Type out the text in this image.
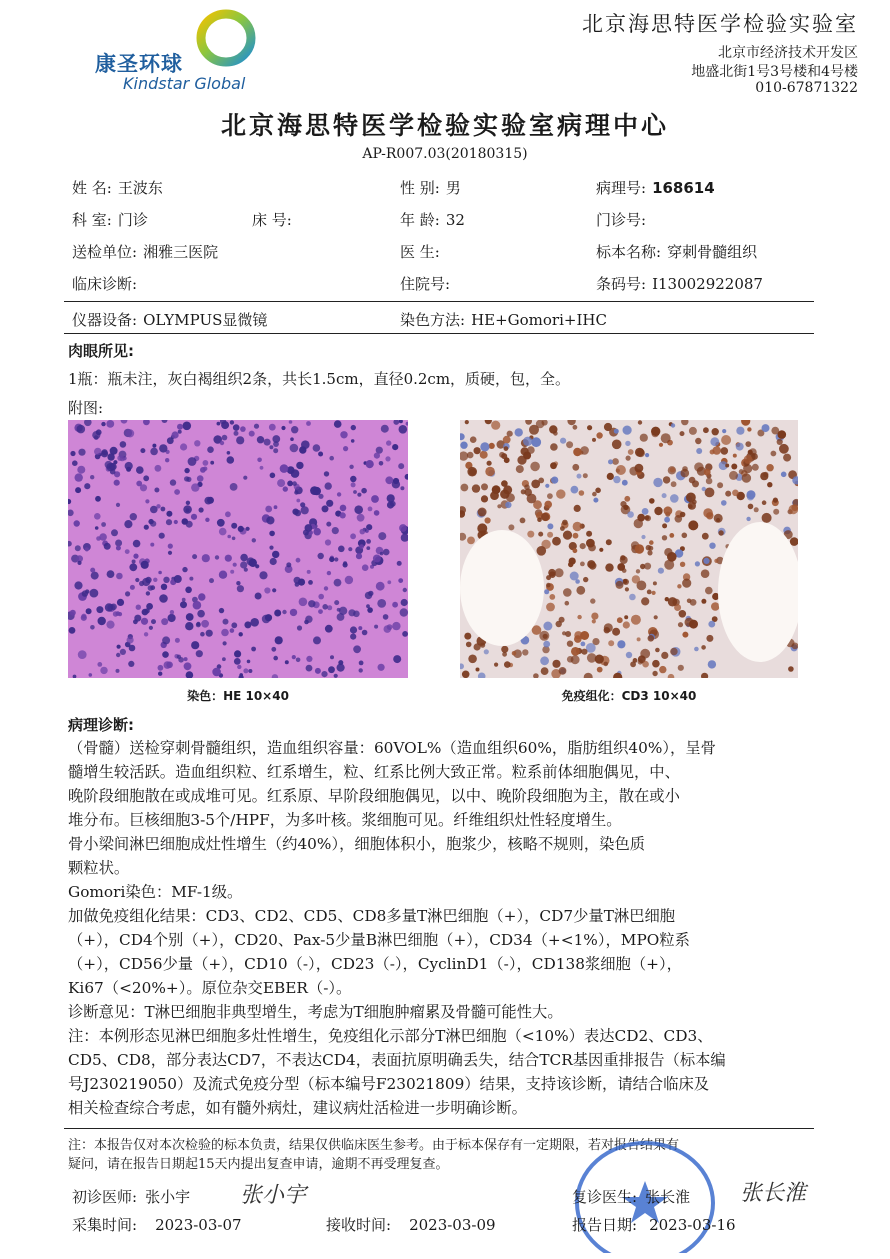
康圣环球
Kindstar Global
北京海思特医学检验实验室
北京市经济技术开发区
地盛北街1号3号楼和4号楼
010-67871322
北京海思特医学检验实验室病理中心
AP-R007.03(20180315)
姓 名: 王波东	性 别: 男	病理号: 168614
科 室: 门诊	床 号:	年 龄: 32	门诊号:
送检单位: 湘雅三医院	医 生:	标本名称: 穿刺骨髓组织
临床诊断:	住院号:	条码号: I13002922087
仪器设备: OLYMPUS显微镜	染色方法: HE+Gomori+IHC
肉眼所见:
1瓶：瓶未注，灰白褐组织2条，共长1.5cm，直径0.2cm，质硬，包，全。
附图:
染色：HE 10×40	免疫组化：CD3 10×40
病理诊断:
（骨髓）送检穿刺骨髓组织，造血组织容量：60VOL%（造血组织60%，脂肪组织40%），呈骨
髓增生较活跃。造血组织粒、红系增生，粒、红系比例大致正常。粒系前体细胞偶见，中、
晚阶段细胞散在或成堆可见。红系原、早阶段细胞偶见，以中、晚阶段细胞为主，散在或小
堆分布。巨核细胞3-5个/HPF，为多叶核。浆细胞可见。纤维组织灶性轻度增生。
骨小梁间淋巴细胞成灶性增生（约40%），细胞体积小，胞浆少，核略不规则，染色质
颗粒状。
Gomori染色：MF-1级。
加做免疫组化结果：CD3、CD2、CD5、CD8多量T淋巴细胞（+），CD7少量T淋巴细胞
（+），CD4个别（+），CD20、Pax-5少量B淋巴细胞（+），CD34（+<1%），MPO粒系
（+），CD56少量（+），CD10（-），CD23（-），CyclinD1（-），CD138浆细胞（+），
Ki67（<20%+）。原位杂交EBER（-）。
诊断意见：T淋巴细胞非典型增生，考虑为T细胞肿瘤累及骨髓可能性大。
注：本例形态见淋巴细胞多灶性增生，免疫组化示部分T淋巴细胞（<10%）表达CD2、CD3、
CD5、CD8，部分表达CD7，不表达CD4，表面抗原明确丢失，结合TCR基因重排报告（标本编
号J230219050）及流式免疫分型（标本编号F23021809）结果，支持该诊断，请结合临床及
相关检查综合考虑，如有髓外病灶，建议病灶活检进一步明确诊断。
注：本报告仅对本次检验的标本负责，结果仅供临床医生参考。由于标本保存有一定期限，若对报告结果有
疑问，请在报告日期起15天内提出复查申请，逾期不再受理复查。
初诊医师: 张小宇 张小宇	复诊医生: 张长淮 张长淮
采集时间: 2023-03-07	接收时间: 2023-03-09	报告日期: 2023-03-16
